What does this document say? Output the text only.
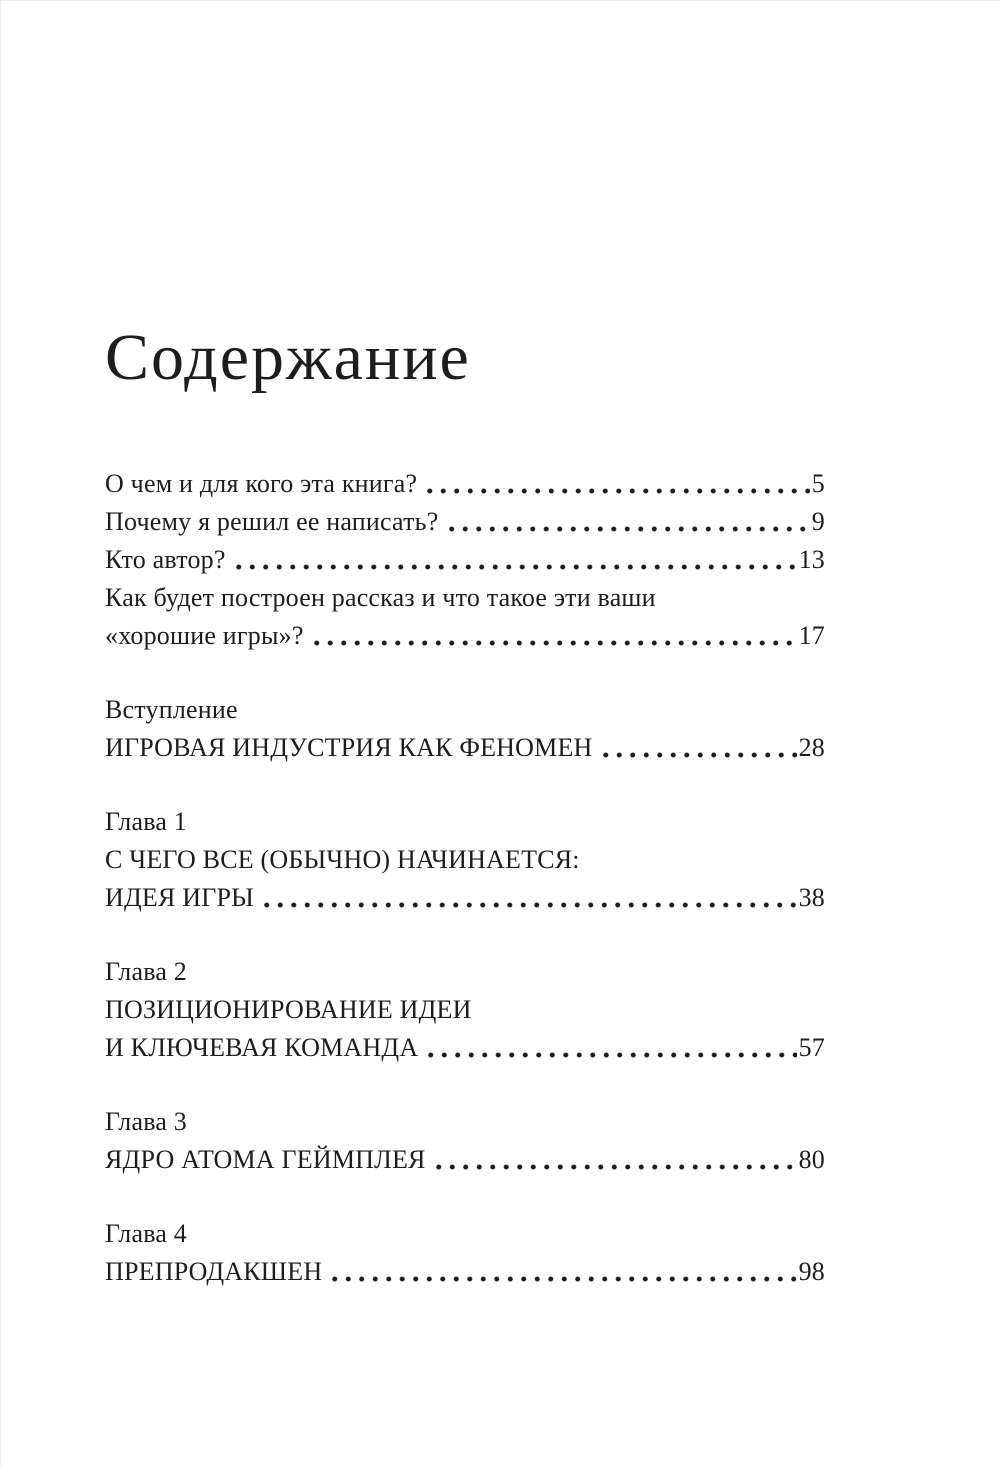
Содержание
О чем и для кого эта книга?	5
Почему я решил ее написать?	9
Кто автор?	13
Как будет построен рассказ и что такое эти ваши
«хорошие игры»?	17
Вступление
ИГРОВАЯ ИНДУСТРИЯ КАК ФЕНОМЕН	28
Глава 1
С ЧЕГО ВСЕ (ОБЫЧНО) НАЧИНАЕТСЯ:
ИДЕЯ ИГРЫ	38
Глава 2
ПОЗИЦИОНИРОВАНИЕ ИДЕИ
И КЛЮЧЕВАЯ КОМАНДА	57
Глава 3
ЯДРО АТОМА ГЕЙМПЛЕЯ	80
Глава 4
ПРЕПРОДАКШЕН	98
